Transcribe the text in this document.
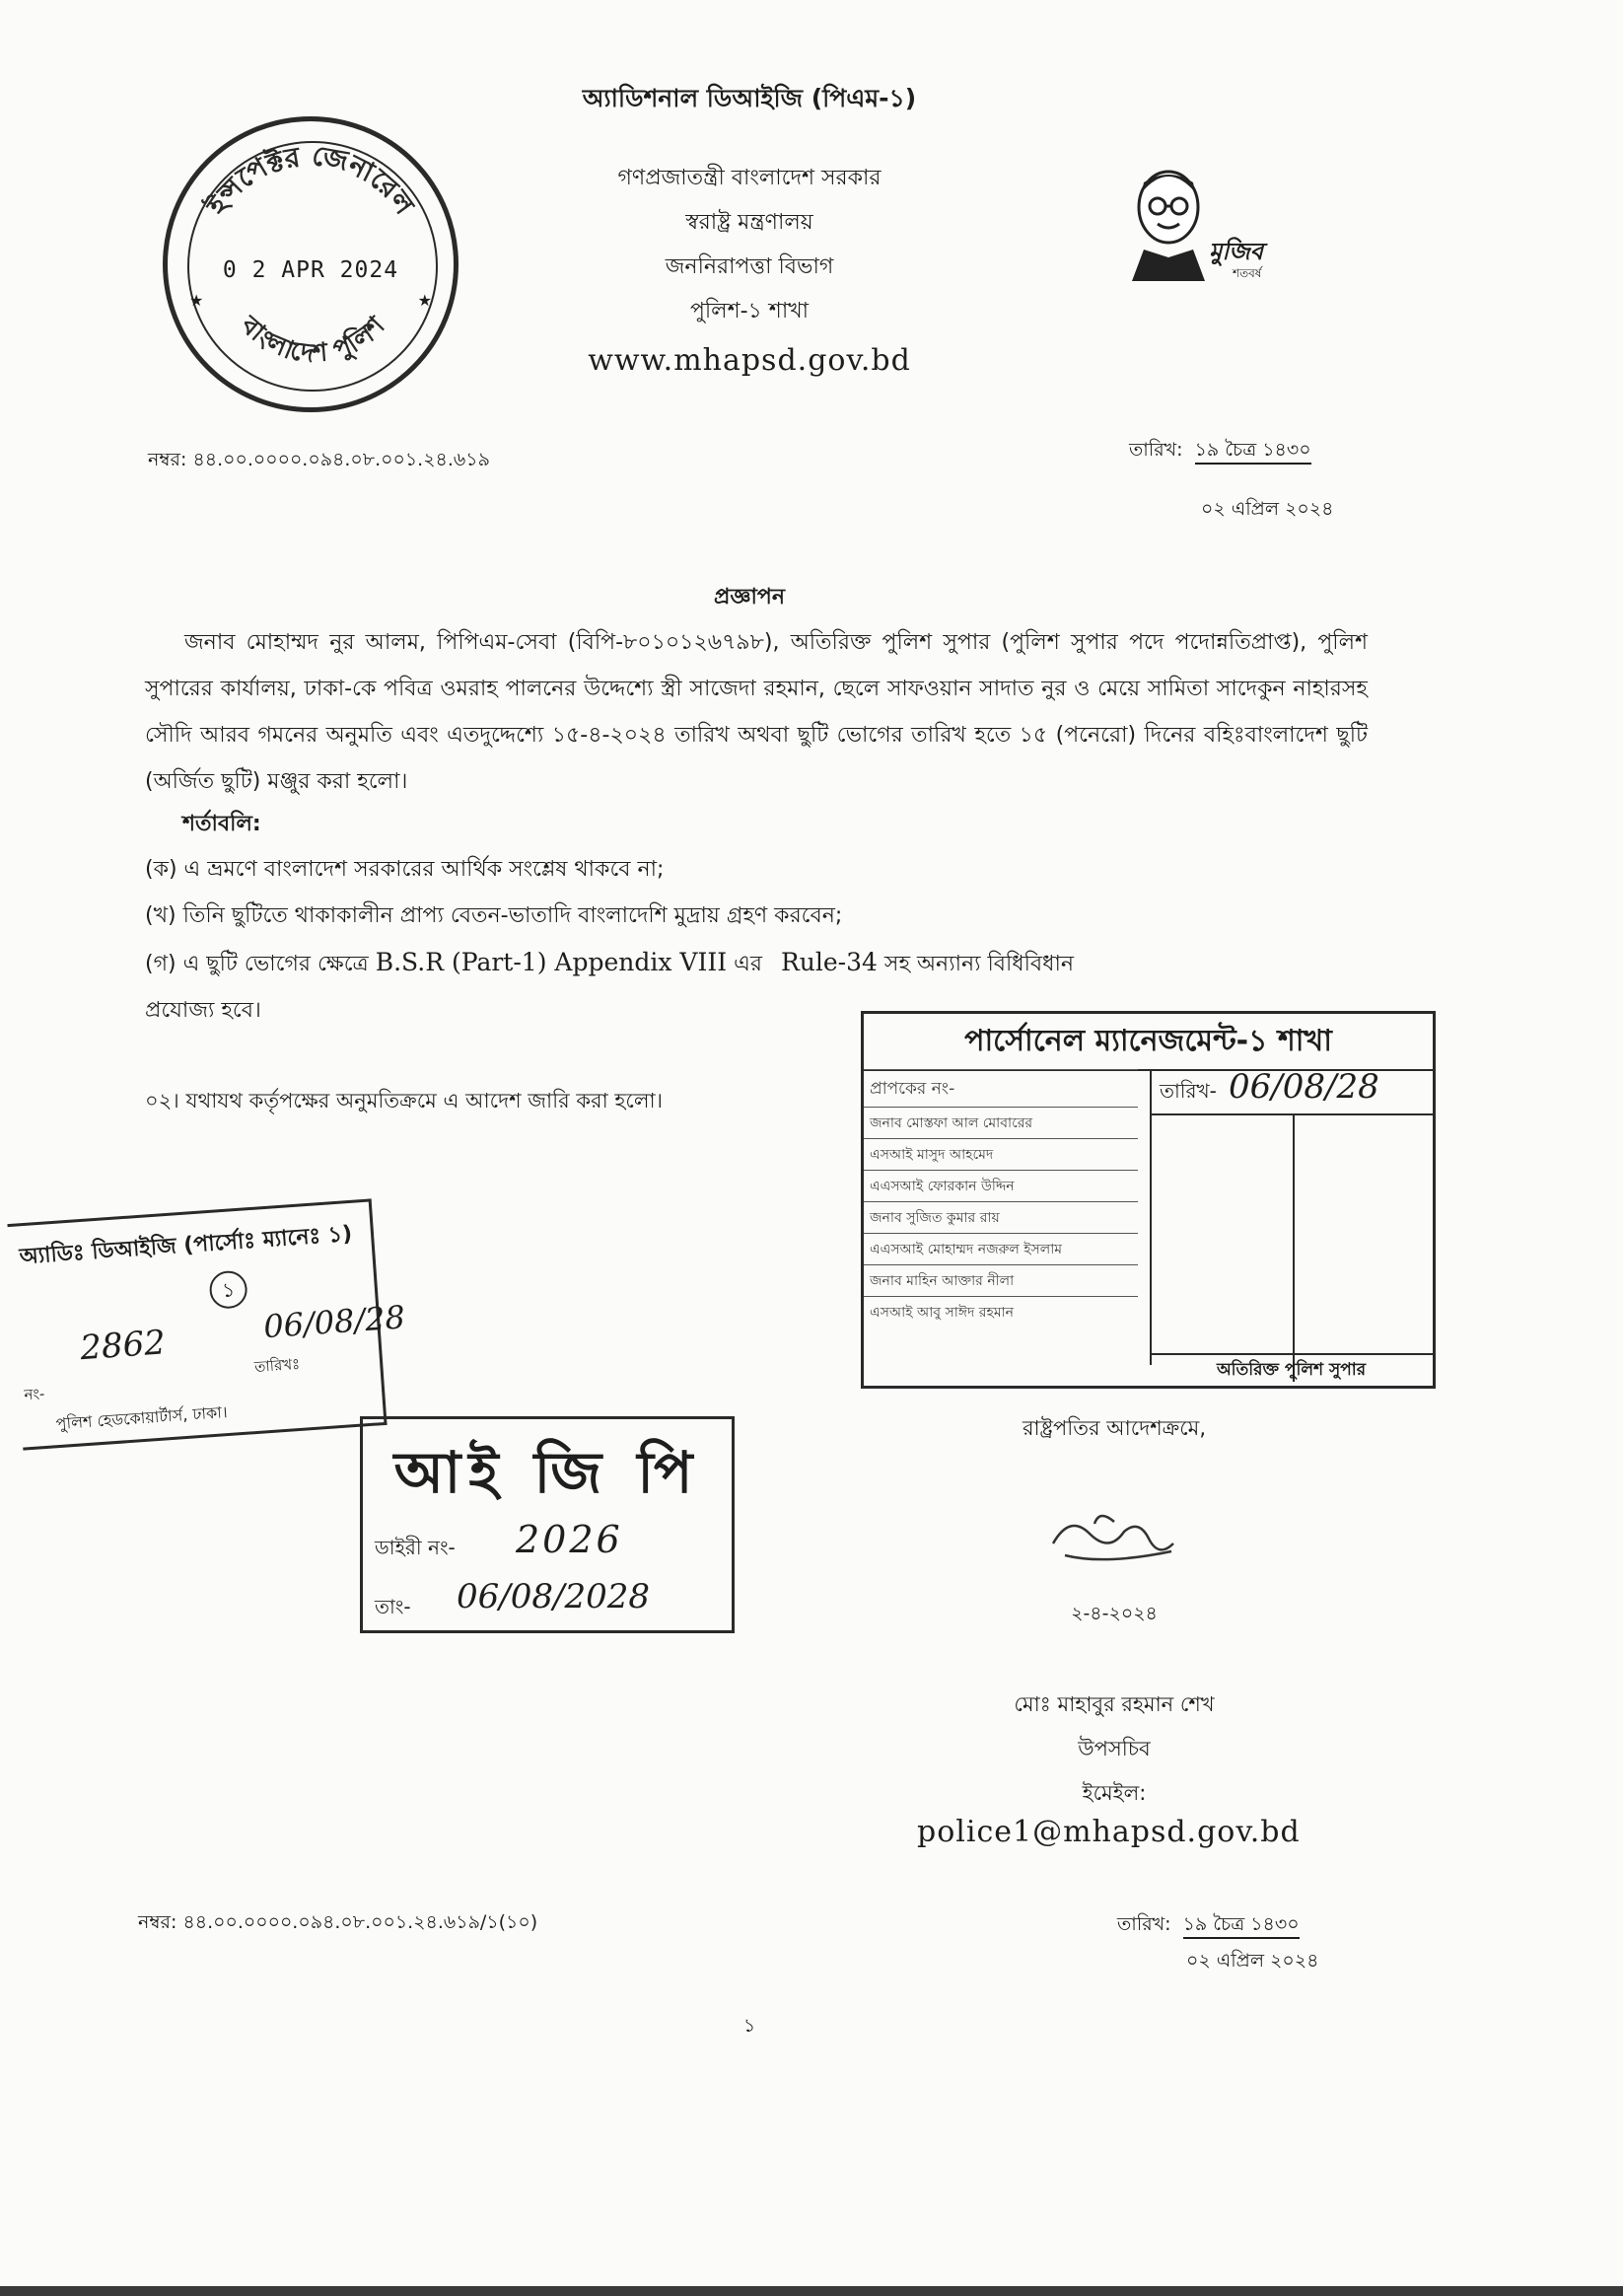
অ্যাডিশনাল ডিআইজি (পিএম-১)
গণপ্রজাতন্ত্রী বাংলাদেশ সরকার
স্বরাষ্ট্র মন্ত্রণালয়
জননিরাপত্তা বিভাগ
পুলিশ-১ শাখা
www.mhapsd.gov.bd
ইন্সপেক্টর জেনারেল
বাংলাদেশ পুলিশ
0 2 APR 2024
★	★
মুজিব
শতবর্ষ
নম্বর: ৪৪.০০.০০০০.০৯৪.০৮.০০১.২৪.৬১৯	তারিখ: ১৯ চৈত্র ১৪৩০
০২ এপ্রিল ২০২৪
প্রজ্ঞাপন
জনাব মোহাম্মদ নুর আলম, পিপিএম-সেবা (বিপি-৮০১০১২৬৭৯৮), অতিরিক্ত পুলিশ সুপার (পুলিশ সুপার পদে পদোন্নতিপ্রাপ্ত), পুলিশ সুপারের কার্যালয়, ঢাকা-কে পবিত্র ওমরাহ পালনের উদ্দেশ্যে স্ত্রী সাজেদা রহমান, ছেলে সাফওয়ান সাদাত নুর ও মেয়ে সামিতা সাদেকুন নাহারসহ সৌদি আরব গমনের অনুমতি এবং এতদুদ্দেশ্যে ১৫-৪-২০২৪ তারিখ অথবা ছুটি ভোগের তারিখ হতে ১৫ (পনেরো) দিনের বহিঃবাংলাদেশ ছুটি (অর্জিত ছুটি) মঞ্জুর করা হলো।
শর্তাবলি:
(ক) এ ভ্রমণে বাংলাদেশ সরকারের আর্থিক সংশ্লেষ থাকবে না;
(খ) তিনি ছুটিতে থাকাকালীন প্রাপ্য বেতন-ভাতাদি বাংলাদেশি মুদ্রায় গ্রহণ করবেন;
(গ) এ ছুটি ভোগের ক্ষেত্রে B.S.R (Part-1) Appendix VIII এর Rule-34 সহ অন্যান্য বিধিবিধান
প্রযোজ্য হবে।
০২। যথাযথ কর্তৃপক্ষের অনুমতিক্রমে এ আদেশ জারি করা হলো।
পার্সোনেল ম্যানেজমেন্ট-১ শাখা
প্রাপকের নং-
জনাব মোস্তফা আল মোবারের
এসআই মাসুদ আহমেদ
এএসআই ফোরকান উদ্দিন
জনাব সুজিত কুমার রায়
এএসআই মোহাম্মদ নজরুল ইসলাম
জনাব মাহিন আক্তার নীলা
এসআই আবু সাঈদ রহমান
তারিখ- 06/08/28
অতিরিক্ত পুলিশ সুপার
অ্যাডিঃ ডিআইজি (পার্সোঃ ম্যানেঃ ১)
১
2862
06/08/28
নং-
তারিখঃ
পুলিশ হেডকোয়ার্টার্স, ঢাকা।
আই জি পি
ডাইরী নং- 2026
তাং- 06/08/2028
রাষ্ট্রপতির আদেশক্রমে,
২-৪-২০২৪
মোঃ মাহাবুর রহমান শেখ
উপসচিব
ইমেইল:
police1@mhapsd.gov.bd
নম্বর: ৪৪.০০.০০০০.০৯৪.০৮.০০১.২৪.৬১৯/১(১০)	তারিখ: ১৯ চৈত্র ১৪৩০
০২ এপ্রিল ২০২৪
১
